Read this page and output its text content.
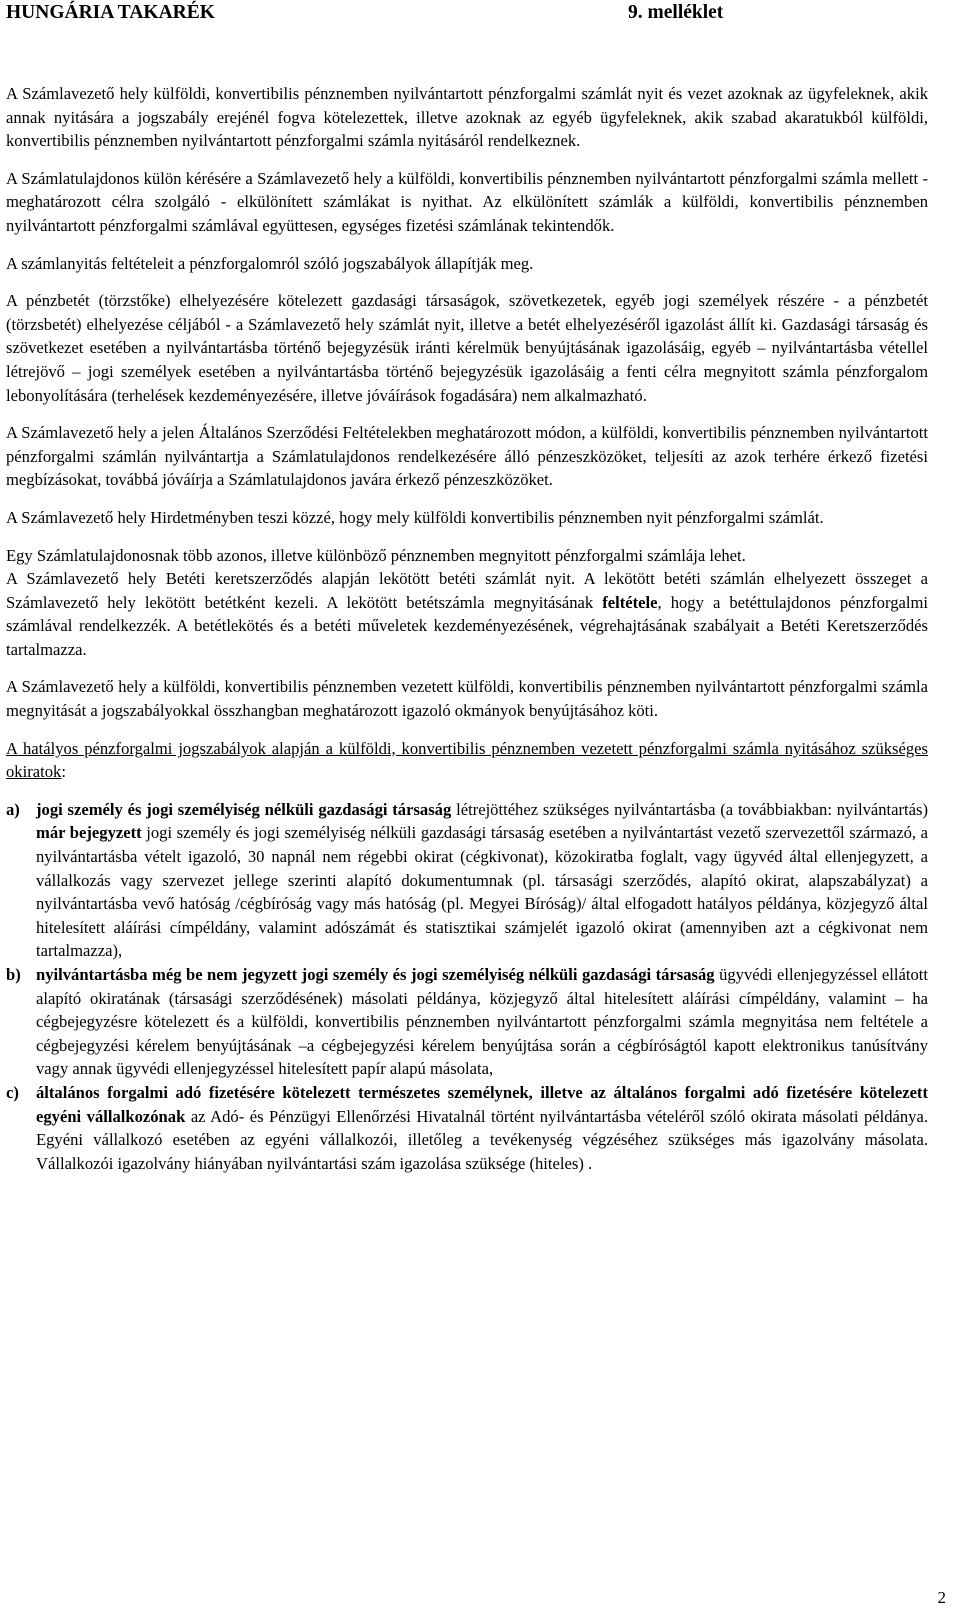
HUNGÁRIA TAKARÉK	9. melléklet

A Számlavezető hely külföldi, konvertibilis pénznemben nyilvántartott pénzforgalmi számlát nyit és vezet azoknak az ügyfeleknek, akik annak nyitására a jogszabály erejénél fogva kötelezettek, illetve azoknak az egyéb ügyfeleknek, akik szabad akaratukból külföldi, konvertibilis pénznemben nyilvántartott pénzforgalmi számla nyitásáról rendelkeznek.

A Számlatulajdonos külön kérésére a Számlavezető hely a külföldi, konvertibilis pénznemben nyilvántartott pénzforgalmi számla mellett - meghatározott célra szolgáló - elkülönített számlákat is nyithat. Az elkülönített számlák a külföldi, konvertibilis pénznemben nyilvántartott pénzforgalmi számlával együttesen, egységes fizetési számlának tekintendők.

A számlanyitás feltételeit a pénzforgalomról szóló jogszabályok állapítják meg.

A pénzbetét (törzstőke) elhelyezésére kötelezett gazdasági társaságok, szövetkezetek, egyéb jogi személyek részére - a pénzbetét (törzsbetét) elhelyezése céljából - a Számlavezető hely számlát nyit, illetve a betét elhelyezéséről igazolást állít ki. Gazdasági társaság és szövetkezet esetében a nyilvántartásba történő bejegyzésük iránti kérelmük benyújtásának igazolásáig, egyéb – nyilvántartásba vétellel létrejövő – jogi személyek esetében a nyilvántartásba történő bejegyzésük igazolásáig a fenti célra megnyitott számla pénzforgalom lebonyolítására (terhelések kezdeményezésére, illetve jóváírások fogadására) nem alkalmazható.

A Számlavezető hely a jelen Általános Szerződési Feltételekben meghatározott módon, a külföldi, konvertibilis pénznemben nyilvántartott pénzforgalmi számlán nyilvántartja a Számlatulajdonos rendelkezésére álló pénzeszközöket, teljesíti az azok terhére érkező fizetési megbízásokat, továbbá jóváírja a Számlatulajdonos javára érkező pénzeszközöket.

A Számlavezető hely Hirdetményben teszi közzé, hogy mely külföldi konvertibilis pénznemben nyit pénzforgalmi számlát.

Egy Számlatulajdonosnak több azonos, illetve különböző pénznemben megnyitott pénzforgalmi számlája lehet.

A Számlavezető hely Betéti keretszerződés alapján lekötött betéti számlát nyit. A lekötött betéti számlán elhelyezett összeget a Számlavezető hely lekötött betétként kezeli. A lekötött betétszámla megnyitásának feltétele, hogy a betéttulajdonos pénzforgalmi számlával rendelkezzék. A betétlekötés és a betéti műveletek kezdeményezésének, végrehajtásának szabályait a Betéti Keretszerződés tartalmazza.

A Számlavezető hely a külföldi, konvertibilis pénznemben vezetett külföldi, konvertibilis pénznemben nyilvántartott pénzforgalmi számla megnyitását a jogszabályokkal összhangban meghatározott igazoló okmányok benyújtásához köti.

A hatályos pénzforgalmi jogszabályok alapján a külföldi, konvertibilis pénznemben vezetett pénzforgalmi számla nyitásához szükséges okiratok:

a) jogi személy és jogi személyiség nélküli gazdasági társaság létrejöttéhez szükséges nyilvántartásba (a továbbiakban: nyilvántartás) már bejegyzett jogi személy és jogi személyiség nélküli gazdasági társaság esetében a nyilvántartást vezető szervezettől származó, a nyilvántartásba vételt igazoló, 30 napnál nem régebbi okirat (cégkivonat), közokiratba foglalt, vagy ügyvéd által ellenjegyzett, a vállalkozás vagy szervezet jellege szerinti alapító dokumentumnak (pl. társasági szerződés, alapító okirat, alapszabályzat) a nyilvántartásba vevő hatóság /cégbíróság vagy más hatóság (pl. Megyei Bíróság)/ által elfogadott hatályos példánya, közjegyző által hitelesített aláírási címpéldány, valamint adószámát és statisztikai számjelét igazoló okirat (amennyiben azt a cégkivonat nem tartalmazza),
b) nyilvántartásba még be nem jegyzett jogi személy és jogi személyiség nélküli gazdasági társaság ügyvédi ellenjegyzéssel ellátott alapító okiratának (társasági szerződésének) másolati példánya, közjegyző által hitelesített aláírási címpéldány, valamint – ha cégbejegyzésre kötelezett és a külföldi, konvertibilis pénznemben nyilvántartott pénzforgalmi számla megnyitása nem feltétele a cégbejegyzési kérelem benyújtásának –a cégbejegyzési kérelem benyújtása során a cégbíróságtól kapott elektronikus tanúsítvány vagy annak ügyvédi ellenjegyzéssel hitelesített papír alapú másolata,
c) általános forgalmi adó fizetésére kötelezett természetes személynek, illetve az általános forgalmi adó fizetésére kötelezett egyéni vállalkozónak az Adó- és Pénzügyi Ellenőrzési Hivatalnál történt nyilvántartásba vételéről szóló okirata másolati példánya. Egyéni vállalkozó esetében az egyéni vállalkozói, illetőleg a tevékenység végzéséhez szükséges más igazolvány másolata. Vállalkozói igazolvány hiányában nyilvántartási szám igazolása szüksége (hiteles) .
2
